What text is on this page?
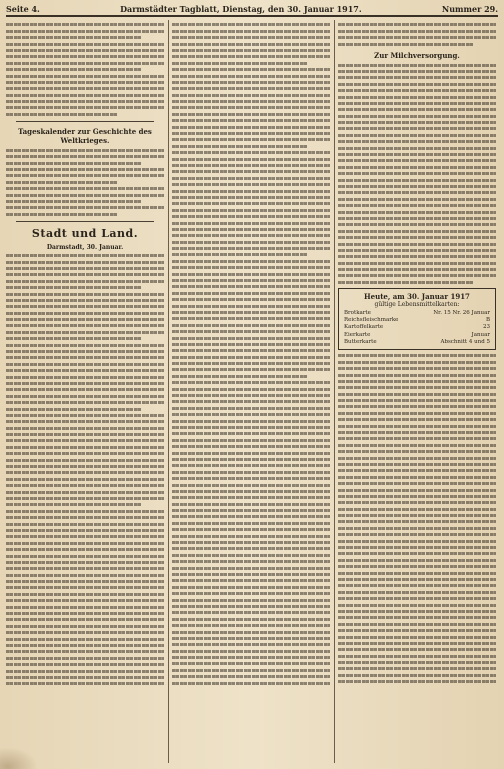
Seite 4.	Darmstädter Tagblatt, Dienstag, den 30. Januar 1917.	Nummer 29.
Tageskalender zur Geschichte des Weltkrieges.
Stadt und Land.
Darmstadt, 30. Januar.
Zur Milchversorgung.
Heute, am 30. Januar 1917
gültige Lebensmittelkarten:
Brotkarte	Nr. 15 Nr. 26 Januar
Reichsfleischmarke	B
Kartoffelkarte	23
Eierkarte	Januar
Butterkarte	Abschnitt 4 und 5
